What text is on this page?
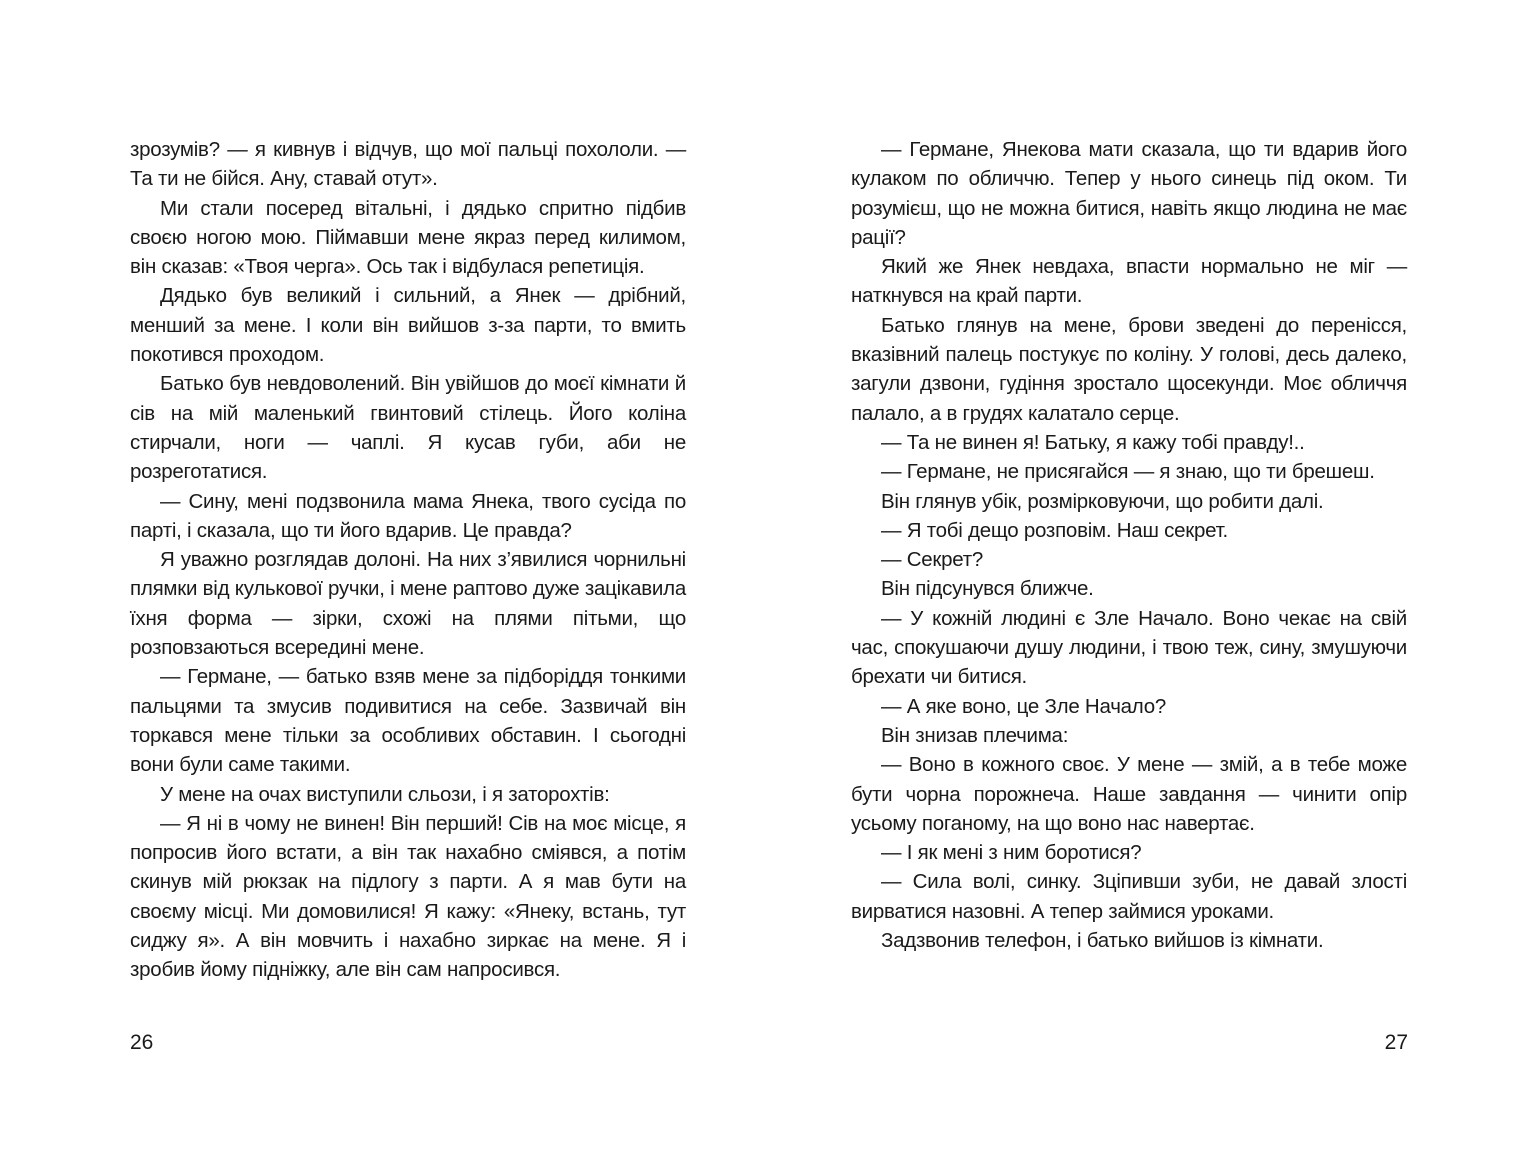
зрозумів? — я кивнув і відчув, що мої пальці похололи. — Та ти не бійся. Ану, ставай отут».

Ми стали посеред вітальні, і дядько спритно підбив своєю ногою мою. Піймавши мене якраз перед килимом, він сказав: «Твоя черга». Ось так і відбулася репетиція.

Дядько був великий і сильний, а Янек — дрібний, менший за мене. І коли він вийшов з-за парти, то вмить покотився проходом.

Батько був невдоволений. Він увійшов до моєї кімнати й сів на мій маленький гвинтовий стілець. Його коліна стирчали, ноги — чаплі. Я кусав губи, аби не розреготатися.

— Сину, мені подзвонила мама Янека, твого сусіда по парті, і сказала, що ти його вдарив. Це правда?

Я уважно розглядав долоні. На них з’явилися чорнильні плямки від кулькової ручки, і мене раптово дуже зацікавила їхня форма — зірки, схожі на плями пітьми, що розповзаються всередині мене.

— Германе, — батько взяв мене за підборіддя тонкими пальцями та змусив подивитися на себе. Зазвичай він торкався мене тільки за особливих обставин. І сьогодні вони були саме такими.

У мене на очах виступили сльози, і я заторохтів:

— Я ні в чому не винен! Він перший! Сів на моє місце, я попросив його встати, а він так нахабно сміявся, а потім скинув мій рюкзак на підлогу з парти. А я мав бути на своєму місці. Ми домовилися! Я кажу: «Янеку, встань, тут сиджу я». А він мовчить і нахабно зиркає на мене. Я і зробив йому підніжку, але він сам напросився.

— Германе, Янекова мати сказала, що ти вдарив його кулаком по обличчю. Тепер у нього синець під оком. Ти розумієш, що не можна битися, навіть якщо людина не має рації?

Який же Янек невдаха, впасти нормально не міг — наткнувся на край парти.

Батько глянув на мене, брови зведені до перенісся, вказівний палець постукує по коліну. У голові, десь далеко, загули дзвони, гудіння зростало щосекунди. Моє обличчя палало, а в грудях калатало серце.

— Та не винен я! Батьку, я кажу тобі правду!..

— Германе, не присягайся — я знаю, що ти брешеш.

Він глянув убік, розмірковуючи, що робити далі.

— Я тобі дещо розповім. Наш секрет.

— Секрет?

Він підсунувся ближче.

— У кожній людині є Зле Начало. Воно чекає на свій час, спокушаючи душу людини, і твою теж, сину, змушуючи брехати чи битися.

— А яке воно, це Зле Начало?

Він знизав плечима:

— Воно в кожного своє. У мене — змій, а в тебе може бути чорна порожнеча. Наше завдання — чинити опір усьому поганому, на що воно нас навертає.

— І як мені з ним боротися?

— Сила волі, синку. Зціпивши зуби, не давай злості вирватися назовні. А тепер займися уроками.

Задзвонив телефон, і батько вийшов із кімнати.

26	27
